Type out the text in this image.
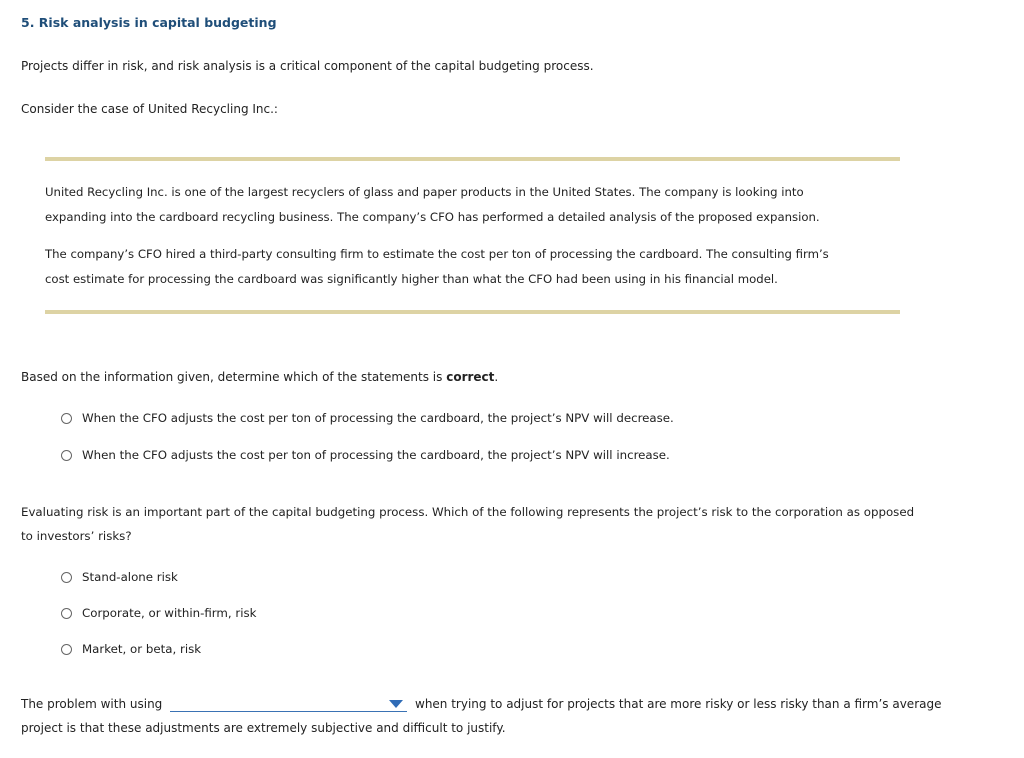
5. Risk analysis in capital budgeting
Projects differ in risk, and risk analysis is a critical component of the capital budgeting process.
Consider the case of United Recycling Inc.:
United Recycling Inc. is one of the largest recyclers of glass and paper products in the United States. The company is looking into
expanding into the cardboard recycling business. The company’s CFO has performed a detailed analysis of the proposed expansion.
The company’s CFO hired a third-party consulting firm to estimate the cost per ton of processing the cardboard. The consulting firm’s
cost estimate for processing the cardboard was significantly higher than what the CFO had been using in his financial model.
Based on the information given, determine which of the statements is correct.
When the CFO adjusts the cost per ton of processing the cardboard, the project’s NPV will decrease.
When the CFO adjusts the cost per ton of processing the cardboard, the project’s NPV will increase.
Evaluating risk is an important part of the capital budgeting process. Which of the following represents the project’s risk to the corporation as opposed
to investors’ risks?
Stand-alone risk
Corporate, or within-firm, risk
Market, or beta, risk
The problem with using	when trying to adjust for projects that are more risky or less risky than a firm’s average
project is that these adjustments are extremely subjective and difficult to justify.
